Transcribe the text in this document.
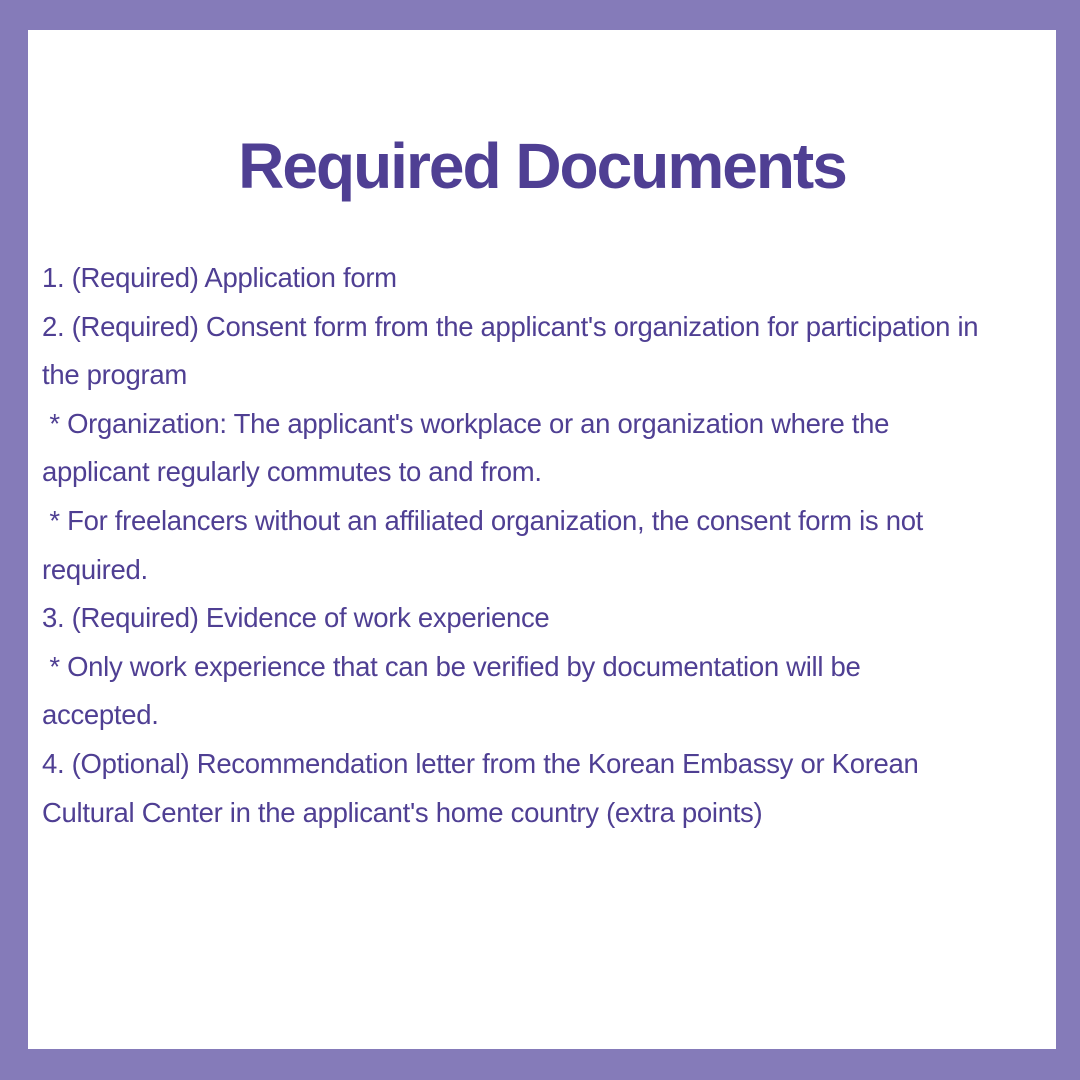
Required Documents
1. (Required) Application form
2. (Required) Consent form from the applicant's organization for participation in
the program
* Organization: The applicant's workplace or an organization where the
applicant regularly commutes to and from.
* For freelancers without an affiliated organization, the consent form is not
required.
3. (Required) Evidence of work experience
* Only work experience that can be verified by documentation will be
accepted.
4. (Optional) Recommendation letter from the Korean Embassy or Korean
Cultural Center in the applicant's home country (extra points)
